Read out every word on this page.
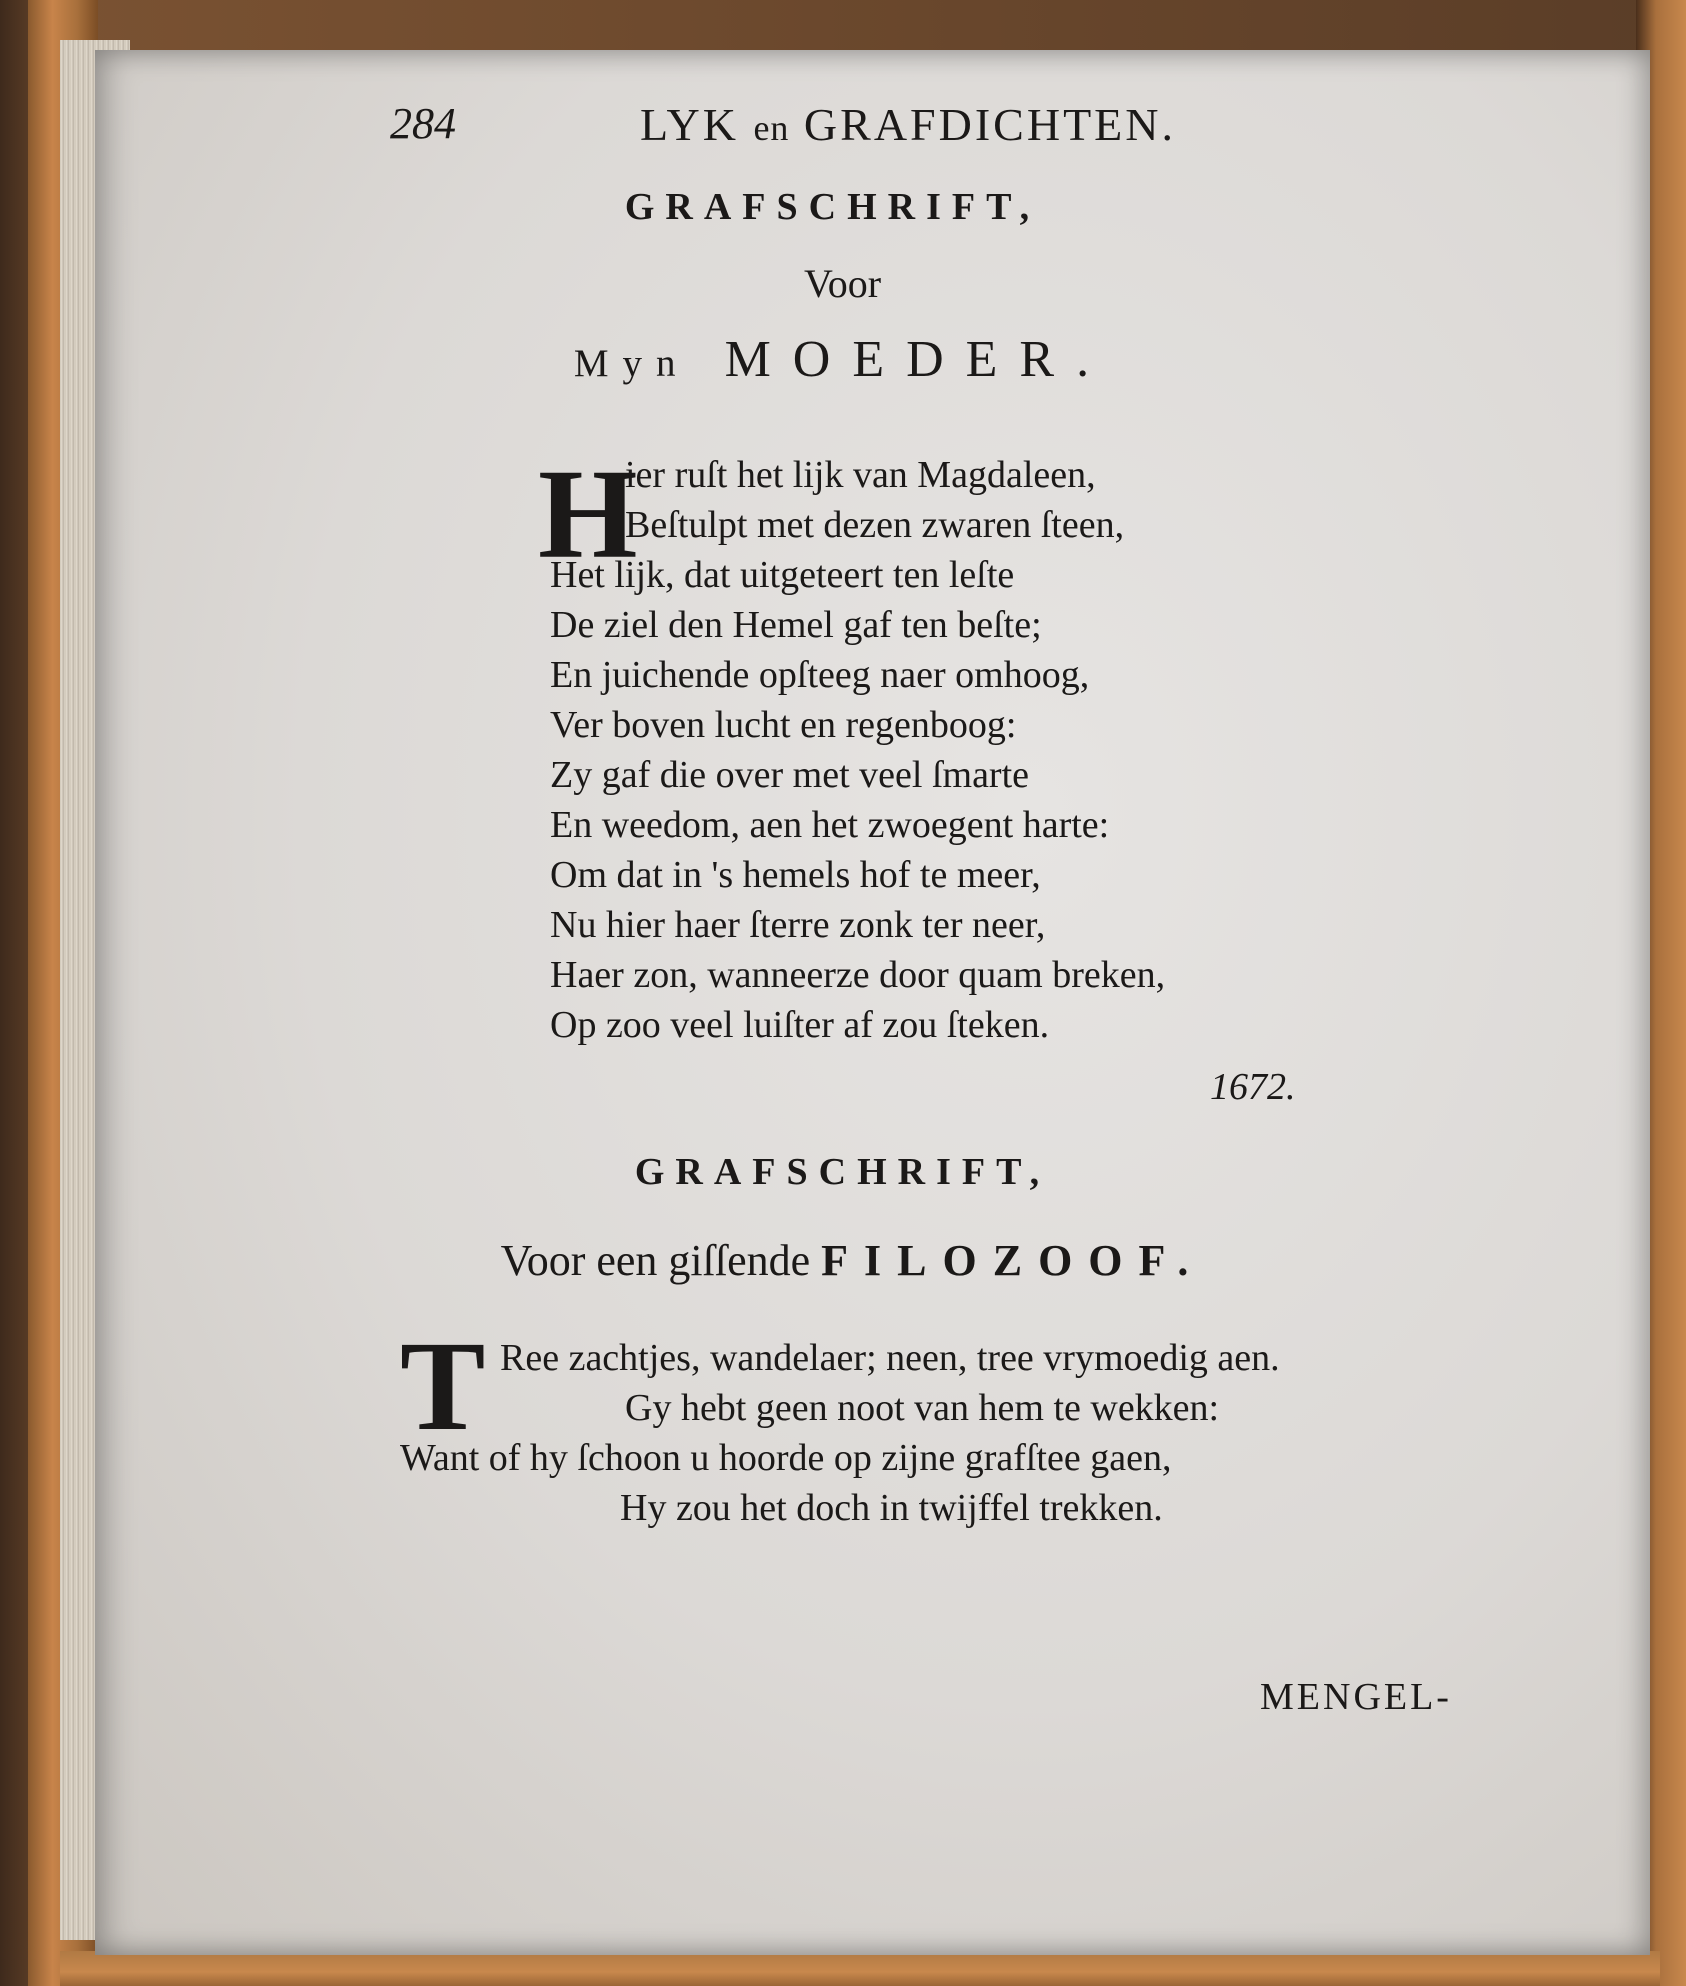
284	LYK en GRAFDICHTEN.
GRAFSCHRIFT,
Voor
Myn MOEDER.
H
ier ruſt het lijk van Magdaleen,
Beſtulpt met dezen zwaren ſteen,
Het lijk, dat uitgeteert ten leſte
De ziel den Hemel gaf ten beſte;
En juichende opſteeg naer omhoog,
Ver boven lucht en regenboog:
Zy gaf die over met veel ſmarte
En weedom, aen het zwoegent harte:
Om dat in 's hemels hof te meer,
Nu hier haer ſterre zonk ter neer,
Haer zon, wanneerze door quam breken,
Op zoo veel luiſter af zou ſteken.
1672.
GRAFSCHRIFT,
Voor een giſſende FILOZOOF.
T Ree zachtjes, wandelaer; neen, tree vrymoedig aen.
Gy hebt geen noot van hem te wekken:
Want of hy ſchoon u hoorde op zijne grafſtee gaen,
Hy zou het doch in twijffel trekken.
MENGEL-
